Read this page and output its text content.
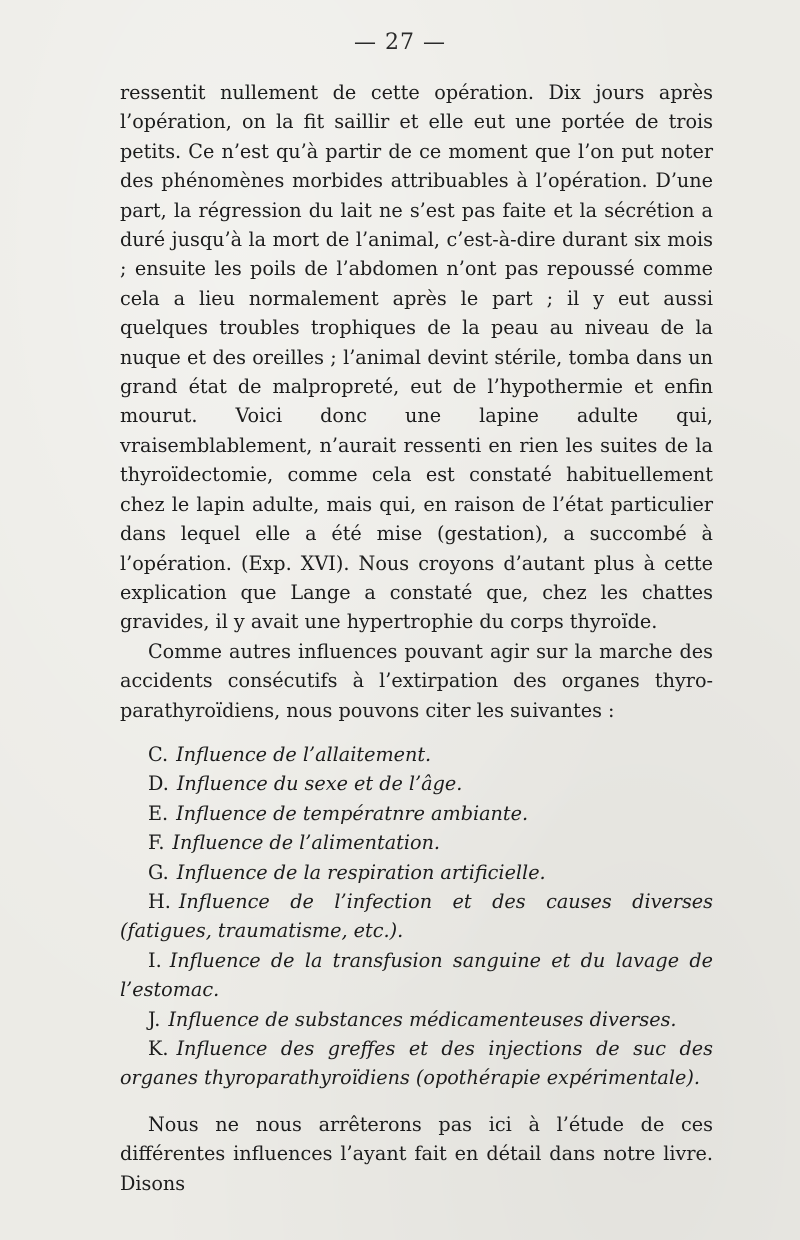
— 27 —

ressentit nullement de cette opération. Dix jours après l’opération, on la fit saillir et elle eut une portée de trois petits. Ce n’est qu’à partir de ce moment que l’on put noter des phénomènes morbides attribuables à l’opération. D’une part, la régression du lait ne s’est pas faite et la sécrétion a duré jusqu’à la mort de l’animal, c’est-à-dire durant six mois ; ensuite les poils de l’abdomen n’ont pas repoussé comme cela a lieu normalement après le part ; il y eut aussi quelques troubles trophiques de la peau au niveau de la nuque et des oreilles ; l’animal devint stérile, tomba dans un grand état de malpropreté, eut de l’hypothermie et enfin mourut. Voici donc une lapine adulte qui, vraisemblablement, n’aurait ressenti en rien les suites de la thyroïdectomie, comme cela est constaté habituellement chez le lapin adulte, mais qui, en raison de l’état particulier dans lequel elle a été mise (gestation), a succombé à l’opération. (Exp. XVI). Nous croyons d’autant plus à cette explication que Lange a constaté que, chez les chattes gravides, il y avait une hypertrophie du corps thyroïde.

Comme autres influences pouvant agir sur la marche des accidents consécutifs à l’extirpation des organes thyro-parathyroïdiens, nous pouvons citer les suivantes :

C. Influence de l’allaitement.
D. Influence du sexe et de l’âge.
E. Influence de températnre ambiante.
F. Influence de l’alimentation.
G. Influence de la respiration artificielle.
H. Influence de l’infection et des causes diverses (fatigues, traumatisme, etc.).
I. Influence de la transfusion sanguine et du lavage de l’estomac.
J. Influence de substances médicamenteuses diverses.
K. Influence des greffes et des injections de suc des organes thyroparathyroïdiens (opothérapie expérimentale).

Nous ne nous arrêterons pas ici à l’étude de ces différentes influences l’ayant fait en détail dans notre livre. Disons
